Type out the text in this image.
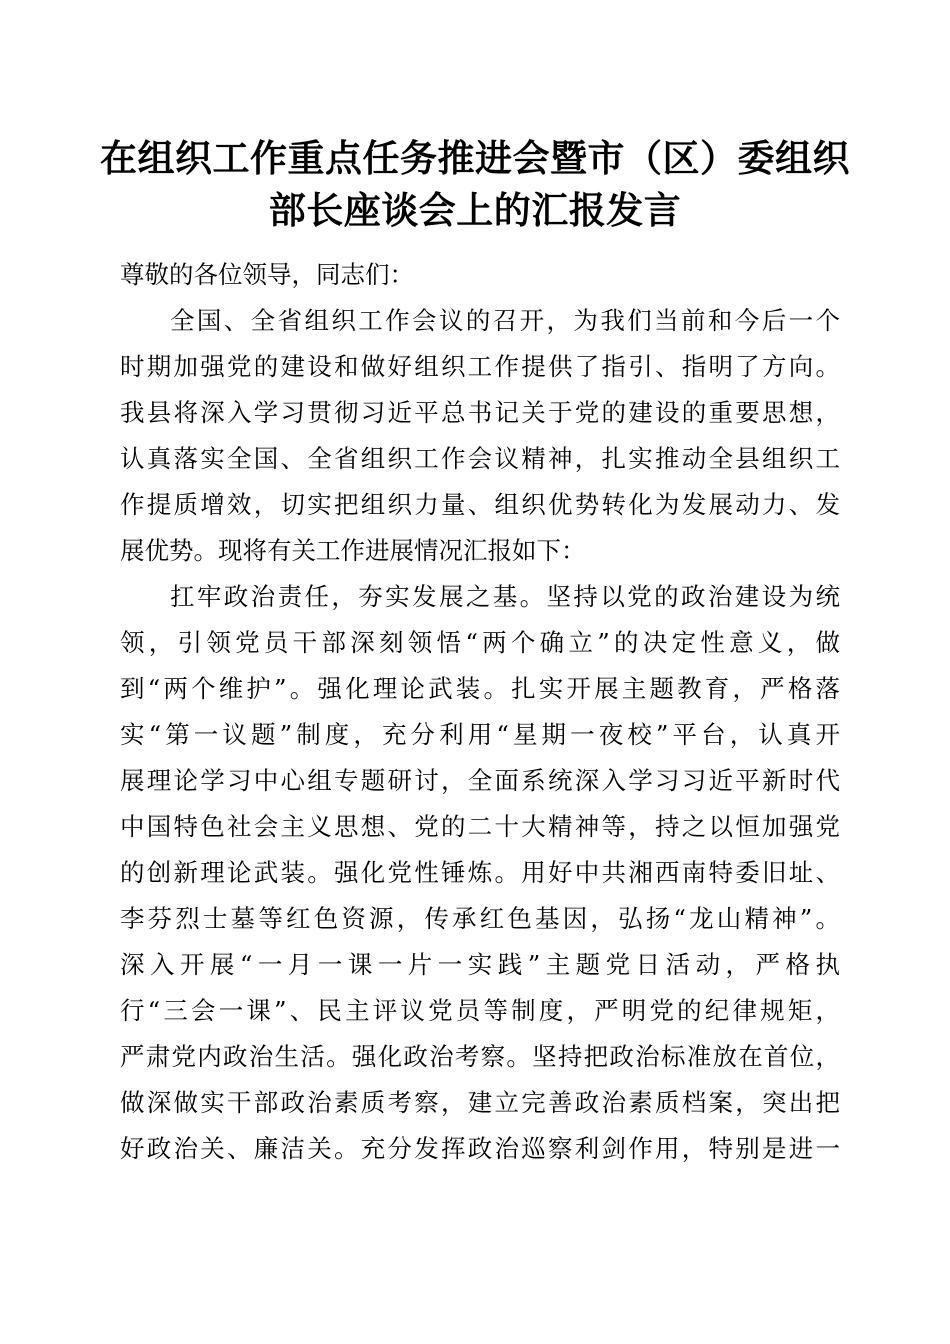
在组织工作重点任务推进会暨市（区）委组织
部长座谈会上的汇报发言
尊敬的各位领导，同志们：
全国、全省组织工作会议的召开，为我们当前和今后一个
时期加强党的建设和做好组织工作提供了指引、指明了方向。
我县将深入学习贯彻习近平总书记关于党的建设的重要思想，
认真落实全国、全省组织工作会议精神，扎实推动全县组织工
作提质增效，切实把组织力量、组织优势转化为发展动力、发
展优势。现将有关工作进展情况汇报如下：
扛牢政治责任，夯实发展之基。坚持以党的政治建设为统
领，引领党员干部深刻领悟“两个确立”的决定性意义，做
到“两个维护”。强化理论武装。扎实开展主题教育，严格落
实“第一议题”制度，充分利用“星期一夜校”平台，认真开
展理论学习中心组专题研讨，全面系统深入学习习近平新时代
中国特色社会主义思想、党的二十大精神等，持之以恒加强党
的创新理论武装。强化党性锤炼。用好中共湘西南特委旧址、
李芬烈士墓等红色资源，传承红色基因，弘扬“龙山精神”。
深入开展“一月一课一片一实践”主题党日活动，严格执
行“三会一课”、民主评议党员等制度，严明党的纪律规矩，
严肃党内政治生活。强化政治考察。坚持把政治标准放在首位，
做深做实干部政治素质考察，建立完善政治素质档案，突出把
好政治关、廉洁关。充分发挥政治巡察利剑作用，特别是进一
